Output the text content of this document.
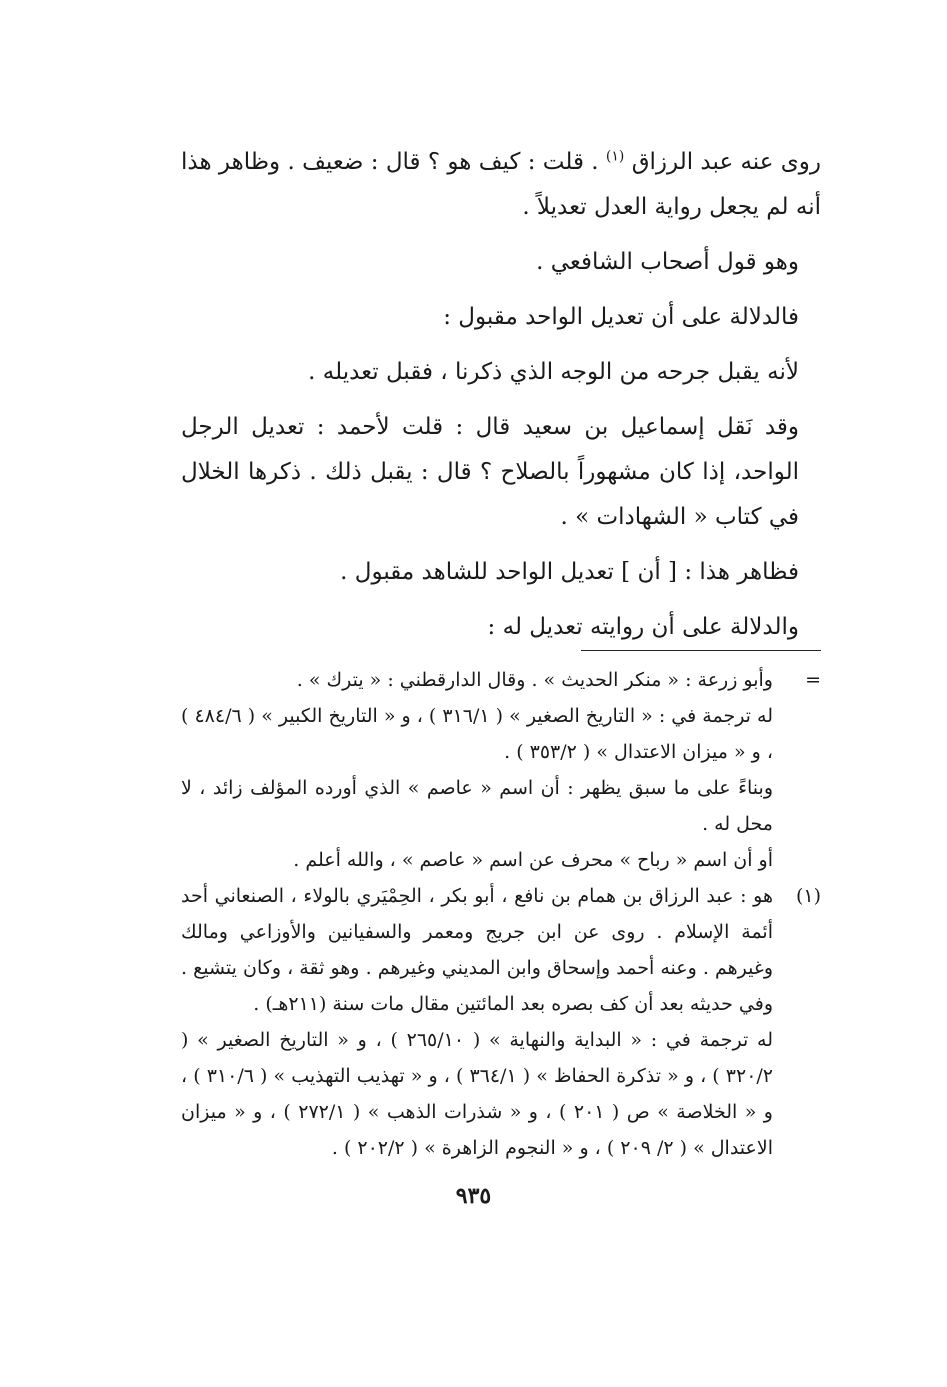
روى عنه عبد الرزاق $^{(١)}$ . قلت : كيف هو ؟ قال : ضعيف . وظاهر هذا أنه لم يجعل رواية العدل تعديلاً .

وهو قول أصحاب الشافعي .

فالدلالة على أن تعديل الواحد مقبول :

لأنه يقبل جرحه من الوجه الذي ذكرنا ، فقبل تعديله .

وقد نَقل إسماعيل بن سعيد قال : قلت لأحمد : تعديل الرجل الواحد، إذا كان مشهوراً بالصلاح ؟ قال : يقبل ذلك . ذكرها الخلال في كتاب « الشهادات » .

فظاهر هذا : [ أن ] تعديل الواحد للشاهد مقبول .

والدلالة على أن روايته تعديل له :

=

وأبو زرعة : « منكر الحديث » . وقال الدارقطني : « يترك » .

له ترجمة في : « التاريخ الصغير » ( ٣١٦/١ ) ، و « التاريخ الكبير » ( ٤٨٤/٦ ) ، و « ميزان الاعتدال » ( ٣٥٣/٢ ) .

وبناءً على ما سبق يظهر : أن اسم « عاصم » الذي أورده المؤلف زائد ، لا محل له .

أو أن اسم « رباح » محرف عن اسم « عاصم » ، والله أعلم .

(١)

هو : عبد الرزاق بن همام بن نافع ، أبو بكر ، الحِمْيَري بالولاء ، الصنعاني أحد أئمة الإسلام . روى عن ابن جريج ومعمر والسفيانين والأوزاعي ومالك وغيرهم . وعنه أحمد وإسحاق وابن المديني وغيرهم . وهو ثقة ، وكان يتشيع . وفي حديثه بعد أن كف بصره بعد المائتين مقال مات سنة (٢١١هـ) .

له ترجمة في : « البداية والنهاية » ( ٢٦٥/١٠ ) ، و « التاريخ الصغير » ( ٣٢٠/٢ ) ، و « تذكرة الحفاظ » ( ٣٦٤/١ ) ، و « تهذيب التهذيب » ( ٣١٠/٦ ) ، و « الخلاصة » ص ( ٢٠١ ) ، و « شذرات الذهب » ( ٢٧٢/١ ) ، و « ميزان الاعتدال » ( ٢/ ٢٠٩ ) ، و « النجوم الزاهرة » ( ٢٠٢/٢ ) .

٩٣٥
